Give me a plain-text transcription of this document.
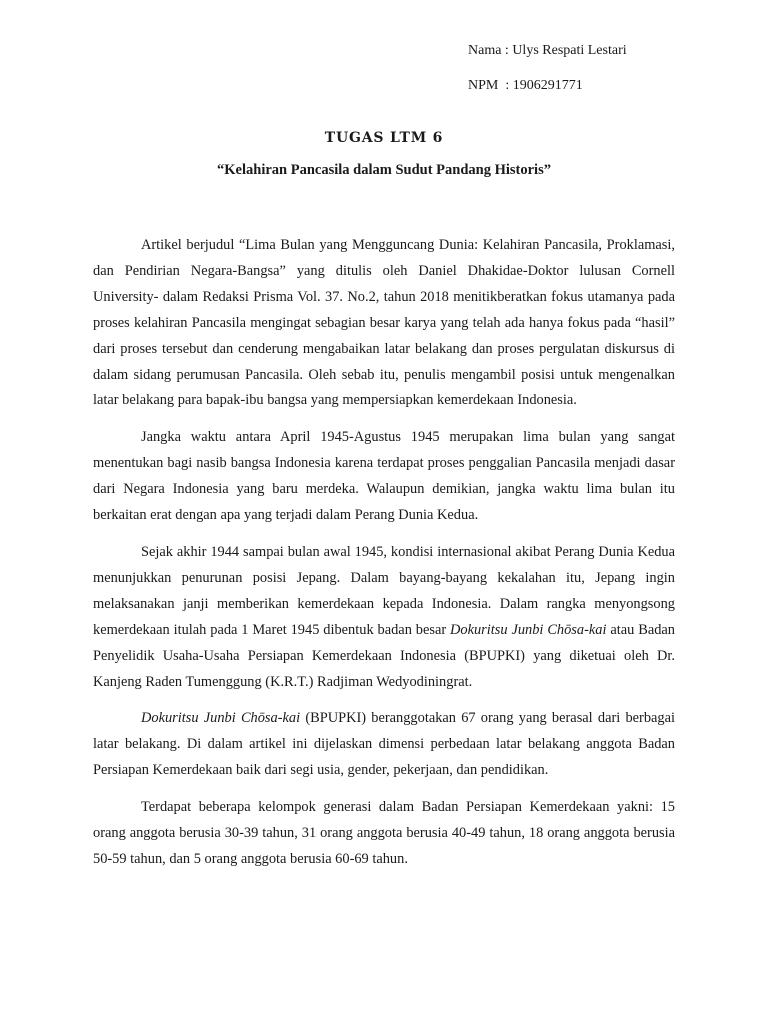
Nama : Ulys Respati Lestari
NPM  : 1906291771
TUGAS LTM 6
“Kelahiran Pancasila dalam Sudut Pandang Historis”

Artikel berjudul “Lima Bulan yang Mengguncang Dunia: Kelahiran Pancasila, Proklamasi, dan Pendirian Negara-Bangsa” yang ditulis oleh Daniel Dhakidae-Doktor lulusan Cornell University- dalam Redaksi Prisma Vol. 37. No.2, tahun 2018 menitikberatkan fokus utamanya pada proses kelahiran Pancasila mengingat sebagian besar karya yang telah ada hanya fokus pada “hasil” dari proses tersebut dan cenderung mengabaikan latar belakang dan proses pergulatan diskursus di dalam sidang perumusan Pancasila. Oleh sebab itu, penulis mengambil posisi untuk mengenalkan latar belakang para bapak-ibu bangsa yang mempersiapkan kemerdekaan Indonesia.

Jangka waktu antara April 1945-Agustus 1945 merupakan lima bulan yang sangat menentukan bagi nasib bangsa Indonesia karena terdapat proses penggalian Pancasila menjadi dasar dari Negara Indonesia yang baru merdeka. Walaupun demikian, jangka waktu lima bulan itu berkaitan erat dengan apa yang terjadi dalam Perang Dunia Kedua.

Sejak akhir 1944 sampai bulan awal 1945, kondisi internasional akibat Perang Dunia Kedua menunjukkan penurunan posisi Jepang. Dalam bayang-bayang kekalahan itu, Jepang ingin melaksanakan janji memberikan kemerdekaan kepada Indonesia. Dalam rangka menyongsong kemerdekaan itulah pada 1 Maret 1945 dibentuk badan besar Dokuritsu Junbi Chōsa-kai atau Badan Penyelidik Usaha-Usaha Persiapan Kemerdekaan Indonesia (BPUPKI) yang diketuai oleh Dr. Kanjeng Raden Tumenggung (K.R.T.) Radjiman Wedyodiningrat.

Dokuritsu Junbi Chōsa-kai (BPUPKI) beranggotakan 67 orang yang berasal dari berbagai latar belakang. Di dalam artikel ini dijelaskan dimensi perbedaan latar belakang anggota Badan Persiapan Kemerdekaan baik dari segi usia, gender, pekerjaan, dan pendidikan.

Terdapat beberapa kelompok generasi dalam Badan Persiapan Kemerdekaan yakni: 15 orang anggota berusia 30-39 tahun, 31 orang anggota berusia 40-49 tahun, 18 orang anggota berusia 50-59 tahun, dan 5 orang anggota berusia 60-69 tahun.
